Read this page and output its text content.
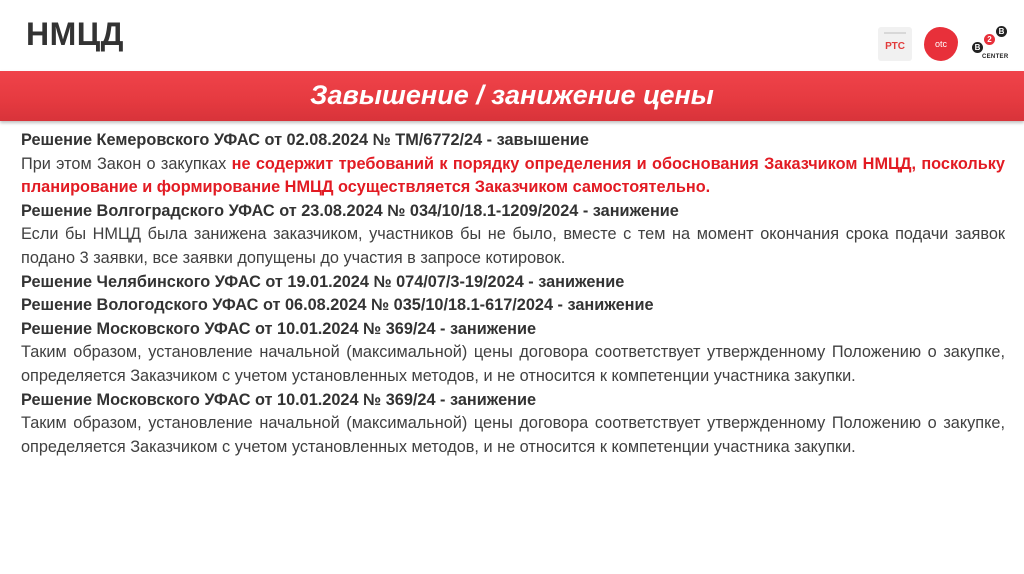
НМЦД	РТС	otc	B
2
B
CENTER
Завышение / занижение цены

Решение Кемеровского УФАС от 02.08.2024 № ТМ/6772/24 - завышение

При этом Закон о закупках не содержит требований к порядку определения и обоснования Заказчиком НМЦД, поскольку планирование и формирование НМЦД осуществляется Заказчиком самостоятельно.

Решение Волгоградского УФАС от 23.08.2024 № 034/10/18.1-1209/2024 - занижение

Если бы НМЦД была занижена заказчиком, участников бы не было, вместе с тем на момент окончания срока подачи заявок подано 3 заявки, все заявки допущены до участия в запросе котировок.

Решение Челябинского УФАС от 19.01.2024 № 074/07/3-19/2024 - занижение

Решение Вологодского УФАС от 06.08.2024 № 035/10/18.1-617/2024 - занижение

Решение Московского УФАС от 10.01.2024 № 369/24 - занижение

Таким образом, установление начальной (максимальной) цены договора соответствует утвержденному Положению о закупке, определяется Заказчиком с учетом установленных методов, и не относится к компетенции участника закупки.

Решение Московского УФАС от 10.01.2024 № 369/24 - занижение

Таким образом, установление начальной (максимальной) цены договора соответствует утвержденному Положению о закупке, определяется Заказчиком с учетом установленных методов, и не относится к компетенции участника закупки.
